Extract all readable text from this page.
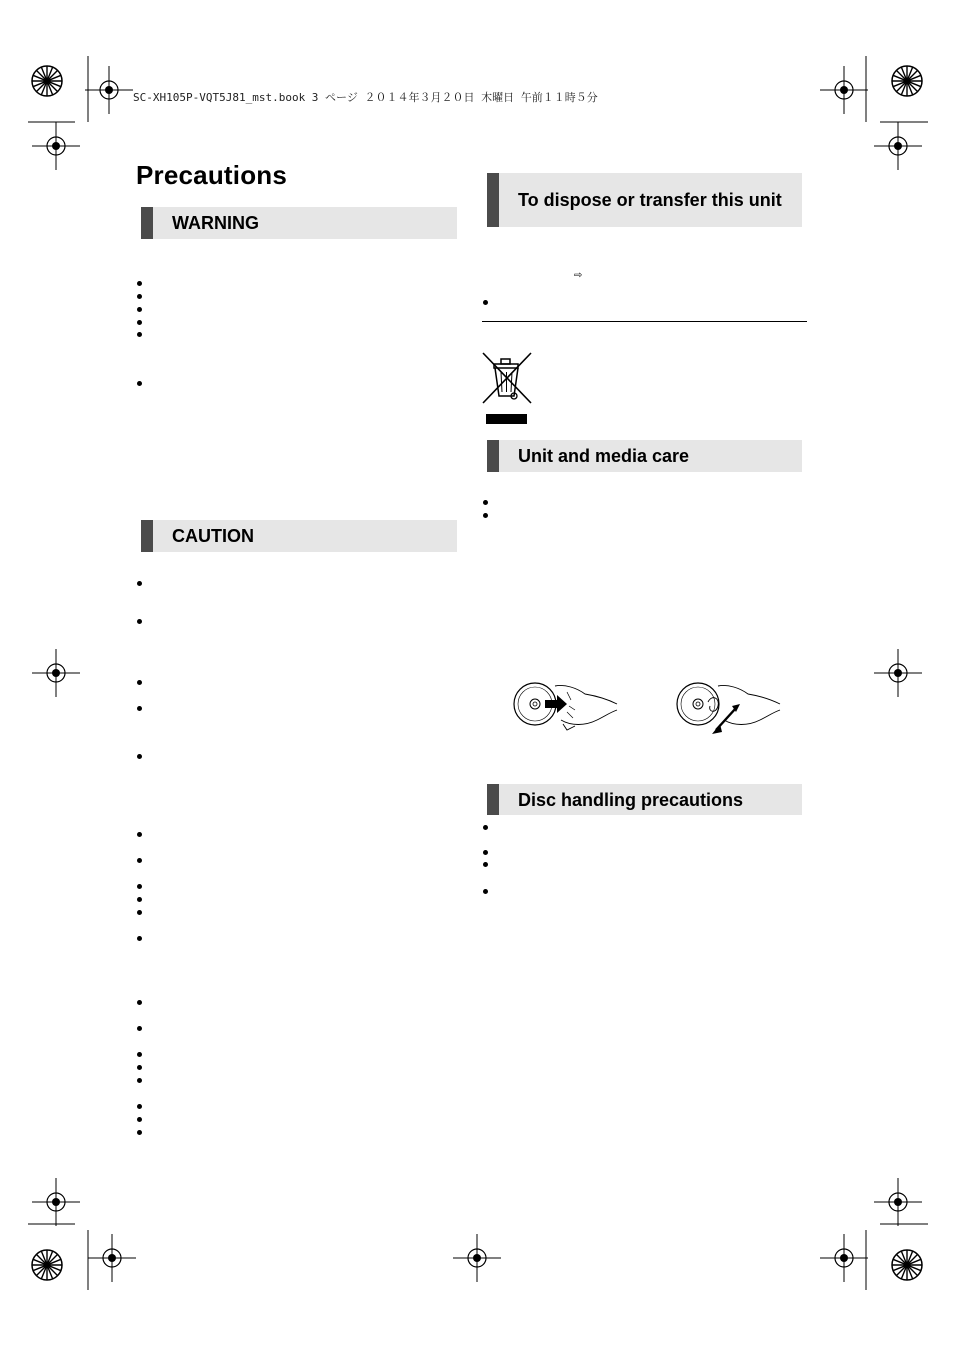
SC-XH105P-VQT5J81_mst.book 3 ページ ２０１４年３月２０日 木曜日 午前１１時５分
Precautions
WARNING
CAUTION
To dispose or transfer this unit
⇨
Unit and media care
Disc handling precautions
